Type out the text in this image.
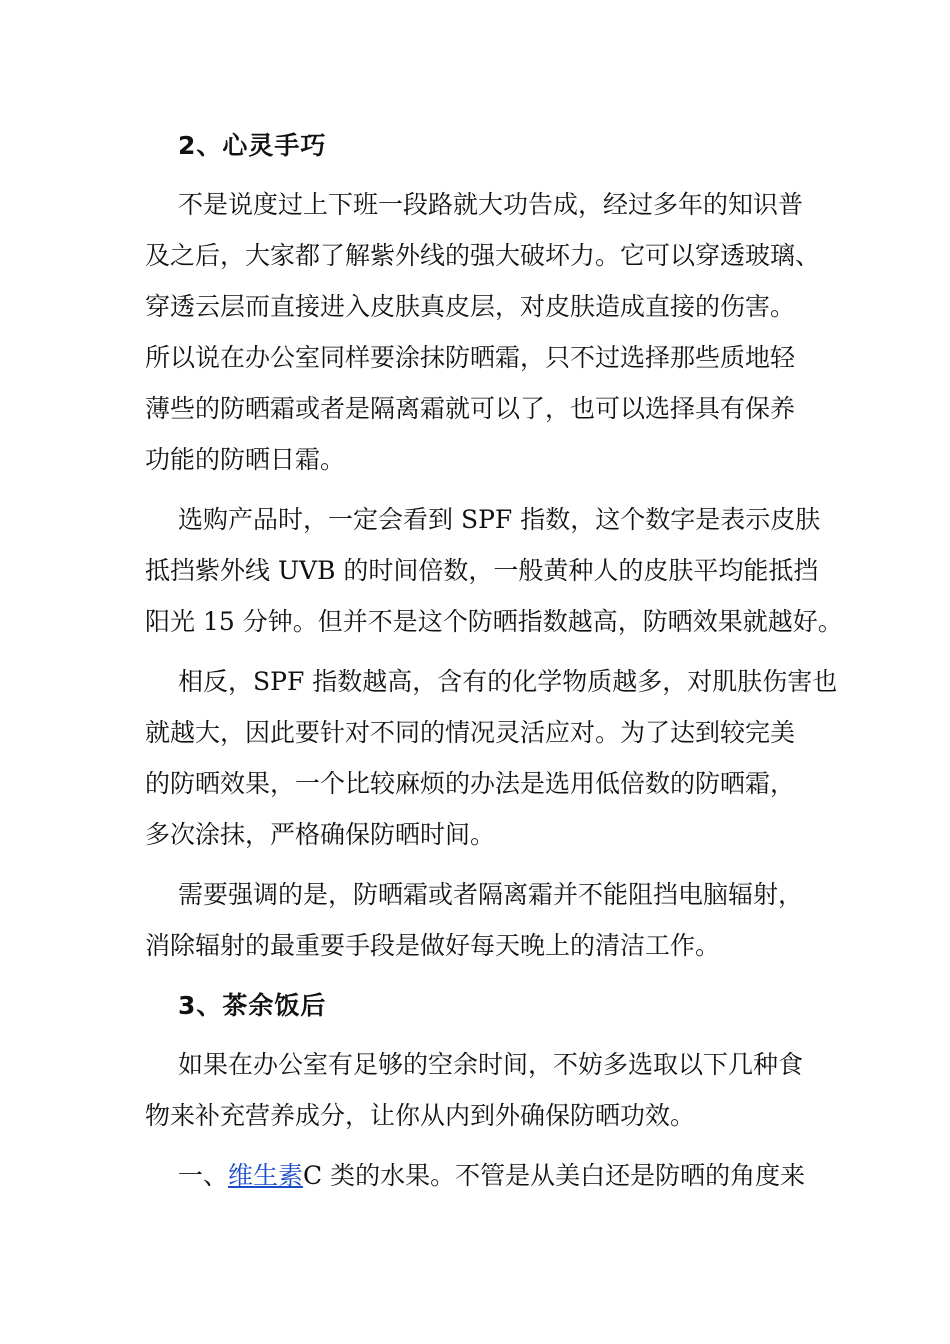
2、心灵手巧
不是说度过上下班一段路就大功告成，经过多年的知识普
及之后，大家都了解紫外线的强大破坏力。它可以穿透玻璃、
穿透云层而直接进入皮肤真皮层，对皮肤造成直接的伤害。
所以说在办公室同样要涂抹防晒霜，只不过选择那些质地轻
薄些的防晒霜或者是隔离霜就可以了，也可以选择具有保养
功能的防晒日霜。
选购产品时，一定会看到 SPF 指数，这个数字是表示皮肤
抵挡紫外线 UVB 的时间倍数，一般黄种人的皮肤平均能抵挡
阳光 15 分钟。但并不是这个防晒指数越高，防晒效果就越好。
相反，SPF 指数越高，含有的化学物质越多，对肌肤伤害也
就越大，因此要针对不同的情况灵活应对。为了达到较完美
的防晒效果，一个比较麻烦的办法是选用低倍数的防晒霜，
多次涂抹，严格确保防晒时间。
需要强调的是，防晒霜或者隔离霜并不能阻挡电脑辐射，
消除辐射的最重要手段是做好每天晚上的清洁工作。
3、茶余饭后
如果在办公室有足够的空余时间，不妨多选取以下几种食
物来补充营养成分，让你从内到外确保防晒功效。
一、维生素C 类的水果。不管是从美白还是防晒的角度来
